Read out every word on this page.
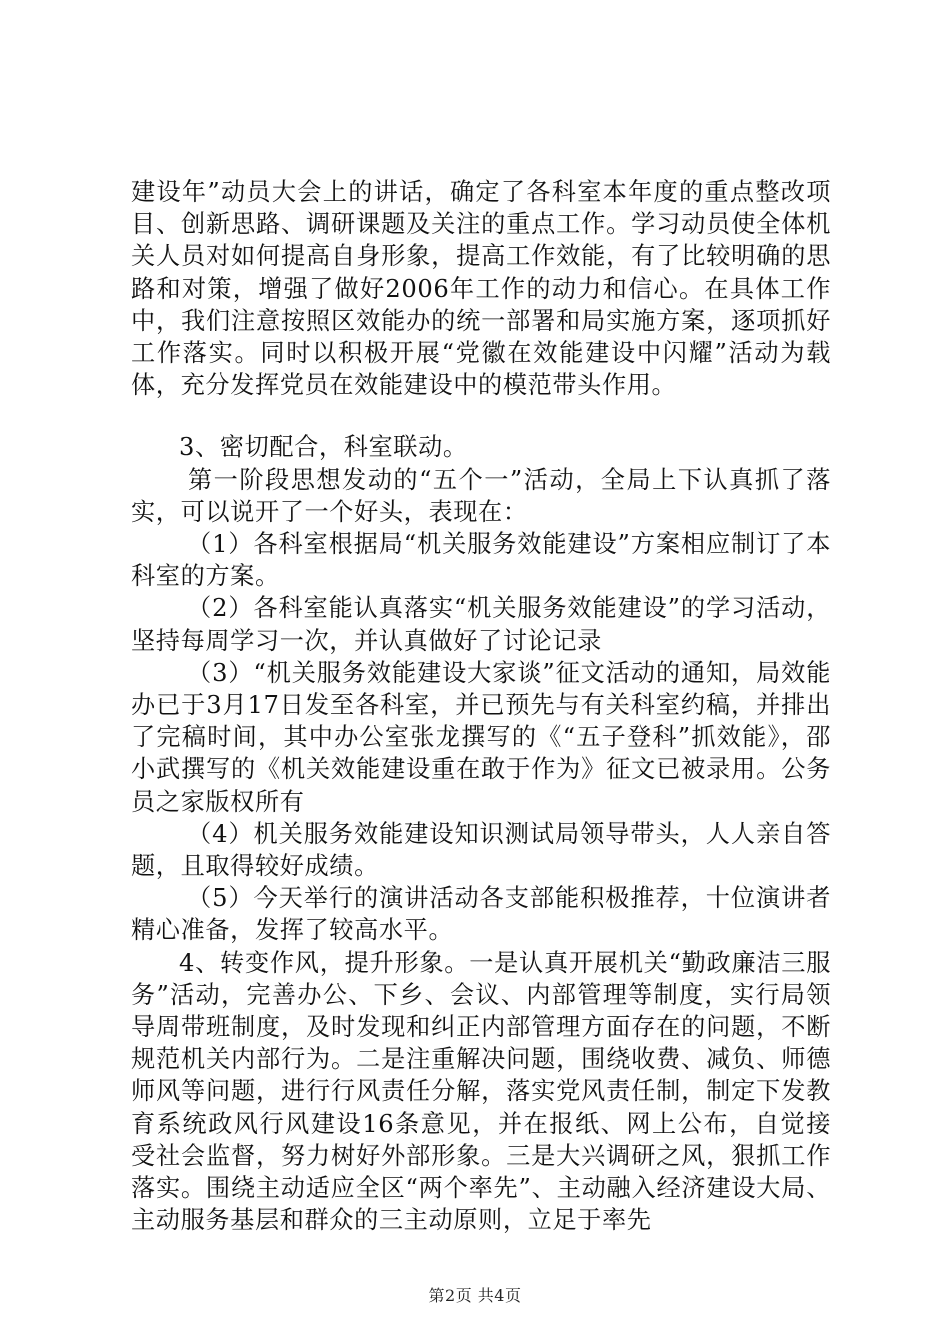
建设年”动员大会上的讲话，确定了各科室本年度的重点整改项目、创新思路、调研课题及关注的重点工作。学习动员使全体机关人员对如何提高自身形象，提高工作效能，有了比较明确的思路和对策，增强了做好2006年工作的动力和信心。在具体工作中，我们注意按照区效能办的统一部署和局实施方案，逐项抓好工作落实。同时以积极开展“党徽在效能建设中闪耀”活动为载体，充分发挥党员在效能建设中的模范带头作用。

3、密切配合，科室联动。

第一阶段思想发动的“五个一”活动，全局上下认真抓了落实，可以说开了一个好头，表现在：

（1）各科室根据局“机关服务效能建设”方案相应制订了本科室的方案。

（2）各科室能认真落实“机关服务效能建设”的学习活动，坚持每周学习一次，并认真做好了讨论记录

（3）“机关服务效能建设大家谈”征文活动的通知，局效能办已于3月17日发至各科室，并已预先与有关科室约稿，并排出了完稿时间，其中办公室张龙撰写的《“五子登科”抓效能》，邵小武撰写的《机关效能建设重在敢于作为》征文已被录用。公务员之家版权所有

（4）机关服务效能建设知识测试局领导带头，人人亲自答题，且取得较好成绩。

（5）今天举行的演讲活动各支部能积极推荐，十位演讲者精心准备，发挥了较高水平。

4、转变作风，提升形象。一是认真开展机关“勤政廉洁三服务”活动，完善办公、下乡、会议、内部管理等制度，实行局领导周带班制度，及时发现和纠正内部管理方面存在的问题，不断规范机关内部行为。二是注重解决问题，围绕收费、减负、师德师风等问题，进行行风责任分解，落实党风责任制，制定下发教育系统政风行风建设16条意见，并在报纸、网上公布，自觉接受社会监督，努力树好外部形象。三是大兴调研之风，狠抓工作落实。围绕主动适应全区“两个率先”、主动融入经济建设大局、主动服务基层和群众的三主动原则，立足于率先

第2页 共4页
